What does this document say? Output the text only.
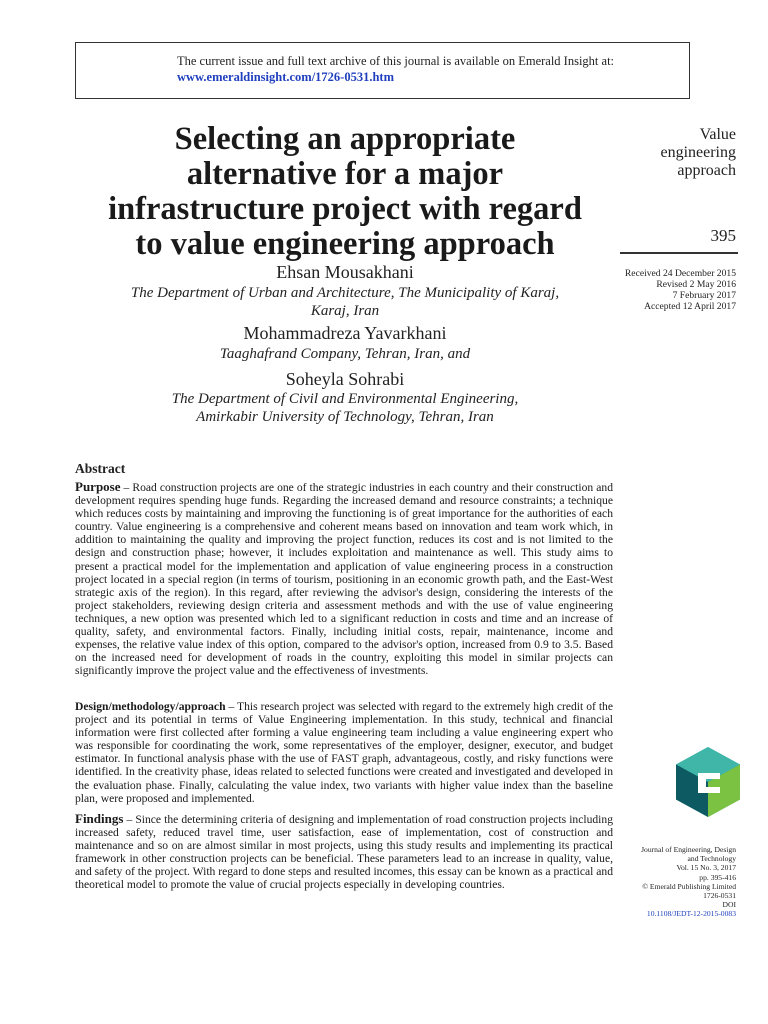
The current issue and full text archive of this journal is available on Emerald Insight at:
www.emeraldinsight.com/1726-0531.htm
Selecting an appropriate
alternative for a major
infrastructure project with regard
to value engineering approach
Ehsan Mousakhani
The Department of Urban and Architecture, The Municipality of Karaj,
Karaj, Iran
Mohammadreza Yavarkhani
Taaghafrand Company, Tehran, Iran, and
Soheyla Sohrabi
The Department of Civil and Environmental Engineering,
Amirkabir University of Technology, Tehran, Iran
Value
engineering
approach
395
Received 24 December 2015
Revised 2 May 2016
7 February 2017
Accepted 12 April 2017
Abstract
Purpose – Road construction projects are one of the strategic industries in each country and their construction and development requires spending huge funds. Regarding the increased demand and resource constraints; a technique which reduces costs by maintaining and improving the functioning is of great importance for the authorities of each country. Value engineering is a comprehensive and coherent means based on innovation and team work which, in addition to maintaining the quality and improving the project function, reduces its cost and is not limited to the design and construction phase; however, it includes exploitation and maintenance as well. This study aims to present a practical model for the implementation and application of value engineering process in a construction project located in a special region (in terms of tourism, positioning in an economic growth path, and the East-West strategic axis of the region). In this regard, after reviewing the advisor's design, considering the interests of the project stakeholders, reviewing design criteria and assessment methods and with the use of value engineering techniques, a new option was presented which led to a significant reduction in costs and time and an increase of quality, safety, and environmental factors. Finally, including initial costs, repair, maintenance, income and expenses, the relative value index of this option, compared to the advisor's option, increased from 0.9 to 3.5. Based on the increased need for development of roads in the country, exploiting this model in similar projects can significantly improve the project value and the effectiveness of investments.
Design/methodology/approach – This research project was selected with regard to the extremely high credit of the project and its potential in terms of Value Engineering implementation. In this study, technical and financial information were first collected after forming a value engineering team including a value engineering expert who was responsible for coordinating the work, some representatives of the employer, designer, executor, and budget estimator. In functional analysis phase with the use of FAST graph, advantageous, costly, and risky functions were identified. In the creativity phase, ideas related to selected functions were created and investigated and developed in the evaluation phase. Finally, calculating the value index, two variants with higher value index than the baseline plan, were proposed and implemented.
Findings – Since the determining criteria of designing and implementation of road construction projects including increased safety, reduced travel time, user satisfaction, ease of implementation, cost of construction and maintenance and so on are almost similar in most projects, using this study results and implementing its practical framework in other construction projects can be beneficial. These parameters lead to an increase in quality, value, and safety of the project. With regard to done steps and resulted incomes, this essay can be known as a practical and theoretical model to promote the value of crucial projects especially in developing countries.
Journal of Engineering, Design
and Technology
Vol. 15 No. 3, 2017
pp. 395-416
© Emerald Publishing Limited
1726-0531
DOI
10.1108/JEDT-12-2015-0083
